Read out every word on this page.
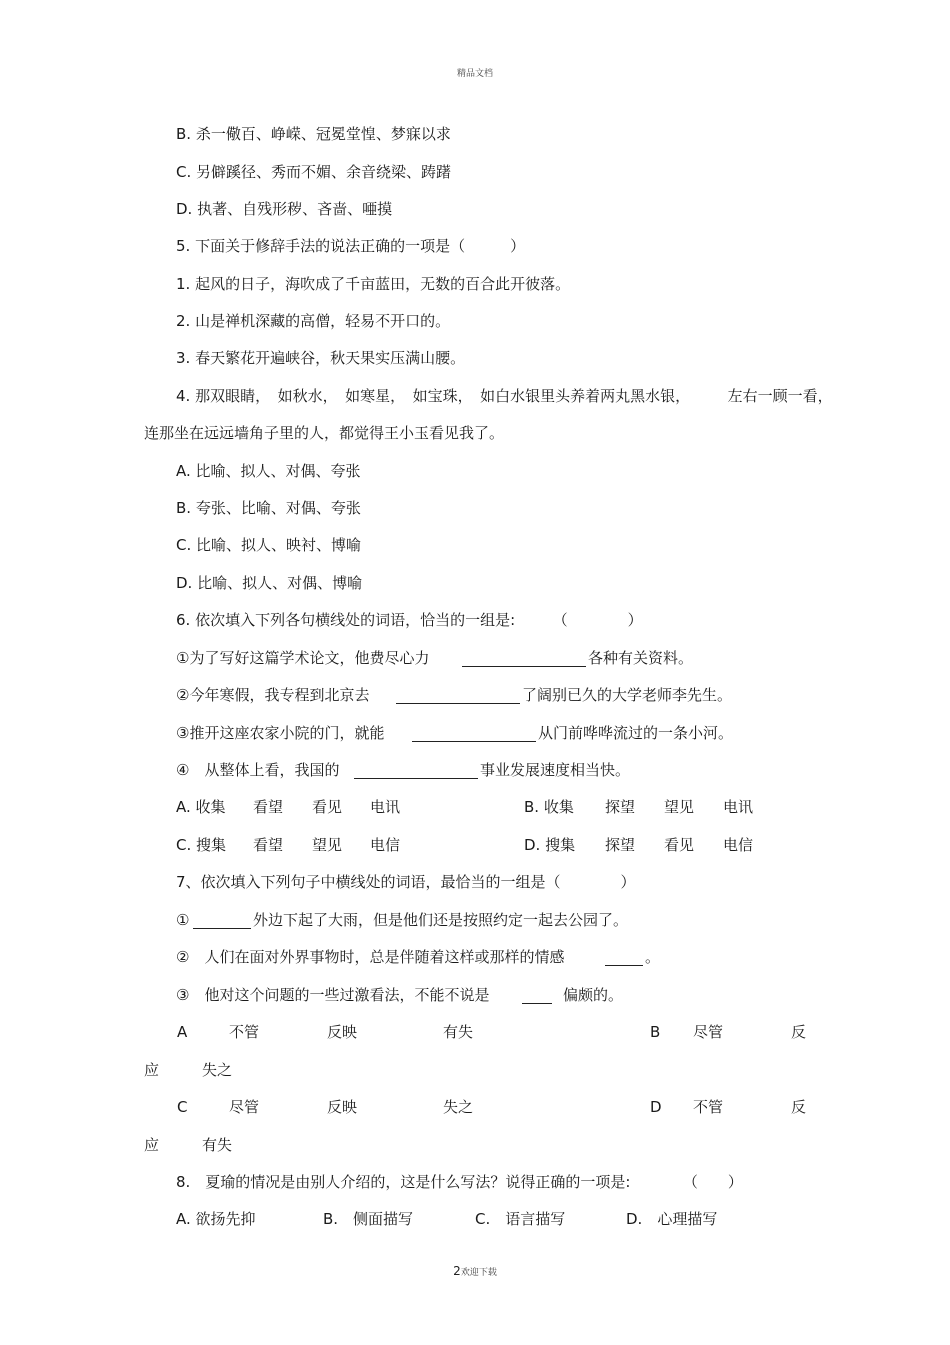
精品文档
B. 杀一儆百、峥嵘、冠冕堂惶、梦寐以求
C. 另僻蹊径、秀而不媚、余音绕梁、踌躇
D. 执著、自残形秽、吝啬、唖摸
5. 下面关于修辞手法的说法正确的一项是（　　　）
1. 起风的日子，海吹成了千亩蓝田，无数的百合此开彼落。
2. 山是禅机深藏的高僧，轻易不开口的。
3. 春天繁花开遍峡谷，秋天果实压满山腰。
4. 那双眼睛，　如秋水，　如寒星，　如宝珠，　如白水银里头养着两丸黑水银，　　　左右一顾一看，
连那坐在远远墙角子里的人，都觉得王小玉看见我了。
A. 比喻、拟人、对偶、夸张
B. 夸张、比喻、对偶、夸张
C. 比喻、拟人、映衬、博喻
D. 比喻、拟人、对偶、博喻
6. 依次填入下列各句横线处的词语，恰当的一组是:　　　（　　　　）
①为了写好这篇学术论文，他费尽心力	各种有关资料。
②今年寒假，我专程到北京去	了阔别已久的大学老师李先生。
③推开这座农家小院的门，就能	从门前哗哗流过的一条小河。
④　从整体上看，我国的	事业发展速度相当快。
A. 收集 看望 看见 电讯	B. 收集 探望 望见 电讯
C. 搜集 看望 望见 电信	D. 搜集 探望 看见 电信
7、依次填入下列句子中横线处的词语，最恰当的一组是（　　　　）
①	外边下起了大雨，但是他们还是按照约定一起去公园了。
②　人们在面对外界事物时，总是伴随着这样或那样的情感	。
③　他对这个问题的一些过激看法，不能不说是	偏颇的。
A	不管	反映	有失	B 尽管	反
应	失之
C	尽管	反映	失之	D 不管	反
应	有失
8.　夏瑜的情况是由别人介绍的，这是什么写法？说得正确的一项是:　　　　（　　）
A. 欲扬先抑	B.　侧面描写	C.　语言描写	D.　心理描写
2欢迎下载
